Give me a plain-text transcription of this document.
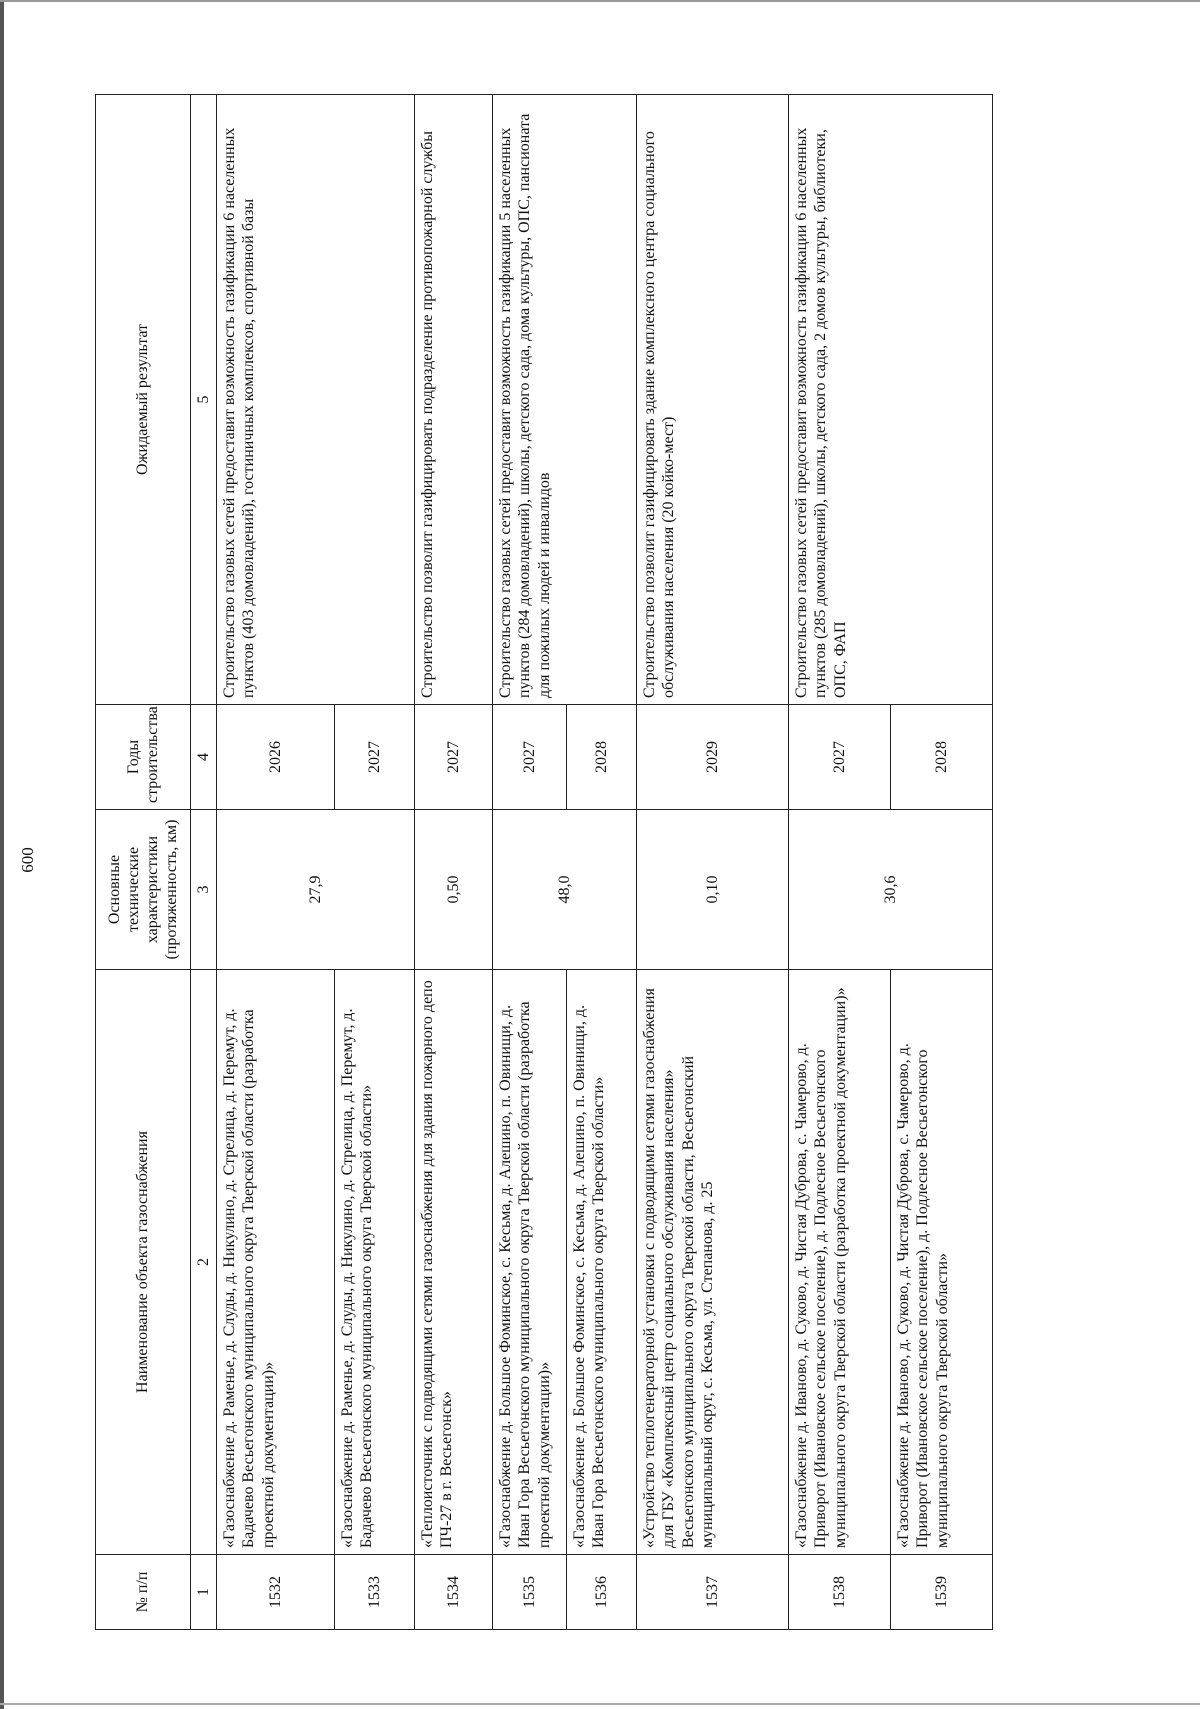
600
№ п/п	Наименование объекта газоснабжения	Основные технические характеристики (протяженность, км)	Годы строительства	Ожидаемый результат
1	2	3	4	5
1532	«Газоснабжение д. Раменье, д. Слуды, д. Никулино, д. Стрелица, д. Перемут, д. Бадачево Весьегонского муниципального округа Тверской области (разработка проектной документации)»	27,9	2026	Строительство газовых сетей предоставит возможность газификации 6 населенных пунктов (403 домовладений), гостиничных комплексов, спортивной базы
1533	«Газоснабжение д. Раменье, д. Слуды, д. Никулино, д. Стрелица, д. Перемут, д. Бадачево Весьегонского муниципального округа Тверской области»		2027	
1534	«Теплоисточник с подводящими сетями газоснабжения для здания пожарного депо ПЧ-27 в г. Весьегонск»	0,50	2027	Строительство позволит газифицировать подразделение противопожарной службы
1535	«Газоснабжение д. Большое Фоминское, с. Кесьма, д. Алешино, п. Овинищи, д. Иван Гора Весьегонского муниципального округа Тверской области (разработка проектной документации)»	48,0	2027	Строительство газовых сетей предоставит возможность газификации 5 населенных пунктов (284 домовладений), школы, детского сада, дома культуры, ОПС, пансионата для пожилых людей и инвалидов
1536	«Газоснабжение д. Большое Фоминское, с. Кесьма, д. Алешино, п. Овинищи, д. Иван Гора Весьегонского муниципального округа Тверской области»		2028	
1537	«Устройство теплогенераторной установки с подводящими сетями газоснабжения для ГБУ «Комплексный центр социального обслуживания населения» Весьегонского муниципального округа Тверской области, Весьегонский муниципальный округ, с. Кесьма, ул. Степанова, д. 25	0,10	2029	Строительство позволит газифицировать здание комплексного центра социального обслуживания населения (20 койко-мест)
1538	«Газоснабжение д. Иваново, д. Суково, д. Чистая Дуброва, с. Чамерово, д. Приворот (Ивановское сельское поселение), д. Подлесное Весьегонского муниципального округа Тверской области (разработка проектной документации)»	30,6	2027	Строительство газовых сетей предоставит возможность газификации 6 населенных пунктов (285 домовладений), школы, детского сада, 2 домов культуры, библиотеки, ОПС, ФАП
1539	«Газоснабжение д. Иваново, д. Суково, д. Чистая Дуброва, с. Чамерово, д. Приворот (Ивановское сельское поселение), д. Подлесное Весьегонского муниципального округа Тверской области»		2028	
